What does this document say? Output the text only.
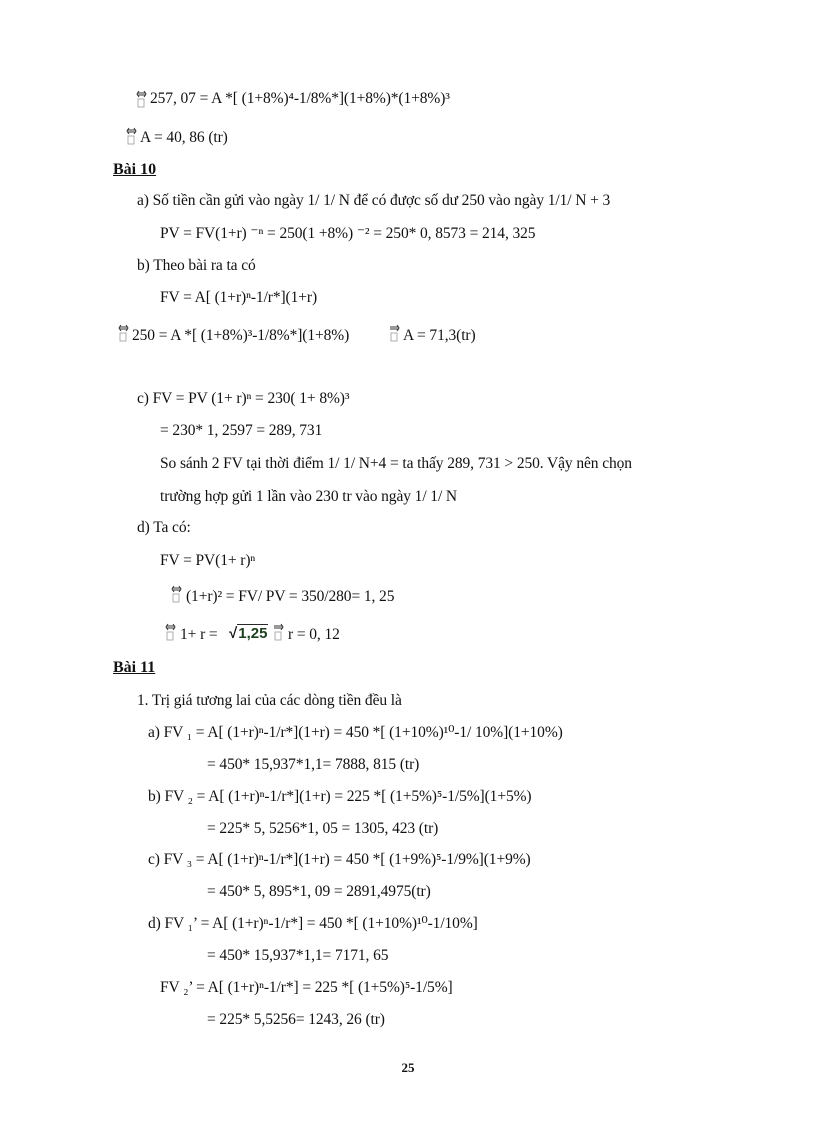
257, 07 = A *[ (1+8%)⁴-1/8%*](1+8%)*(1+8%)³
A = 40, 86 (tr)
Bài 10
a) Số tiền cần gửi vào ngày 1/ 1/ N để có được số dư 250 vào ngày 1/1/ N + 3
PV = FV(1+r) ⁻ⁿ = 250(1 +8%) ⁻² = 250* 0, 8573 = 214, 325
b) Theo bài ra ta có
FV = A[ (1+r)ⁿ-1/r*](1+r)
250 = A *[ (1+8%)³-1/8%*](1+8%)	A = 71,3(tr)
c) FV = PV (1+ r)ⁿ = 230( 1+ 8%)³
= 230* 1, 2597 = 289, 731
So sánh 2 FV tại thời điểm 1/ 1/ N+4 = ta thấy 289, 731 > 250. Vậy nên chọn
trường hợp gửi 1 lần vào 230 tr vào ngày 1/ 1/ N
d) Ta có:
FV = PV(1+ r)ⁿ
(1+r)² = FV/ PV = 350/280= 1, 25
1+ r = √1,25 r = 0, 12
Bài 11
1. Trị giá tương lai của các dòng tiền đều là
a) FV ₁ = A[ (1+r)ⁿ-1/r*](1+r) = 450 *[ (1+10%)¹⁰-1/ 10%](1+10%)
= 450* 15,937*1,1= 7888, 815 (tr)
b) FV ₂ = A[ (1+r)ⁿ-1/r*](1+r) = 225 *[ (1+5%)⁵-1/5%](1+5%)
= 225* 5, 5256*1, 05 = 1305, 423 (tr)
c) FV ₃ = A[ (1+r)ⁿ-1/r*](1+r) = 450 *[ (1+9%)⁵-1/9%](1+9%)
= 450* 5, 895*1, 09 = 2891,4975(tr)
d) FV ₁’ = A[ (1+r)ⁿ-1/r*] = 450 *[ (1+10%)¹⁰-1/10%]
= 450* 15,937*1,1= 7171, 65
FV ₂’ = A[ (1+r)ⁿ-1/r*] = 225 *[ (1+5%)⁵-1/5%]
= 225* 5,5256= 1243, 26 (tr)
25
